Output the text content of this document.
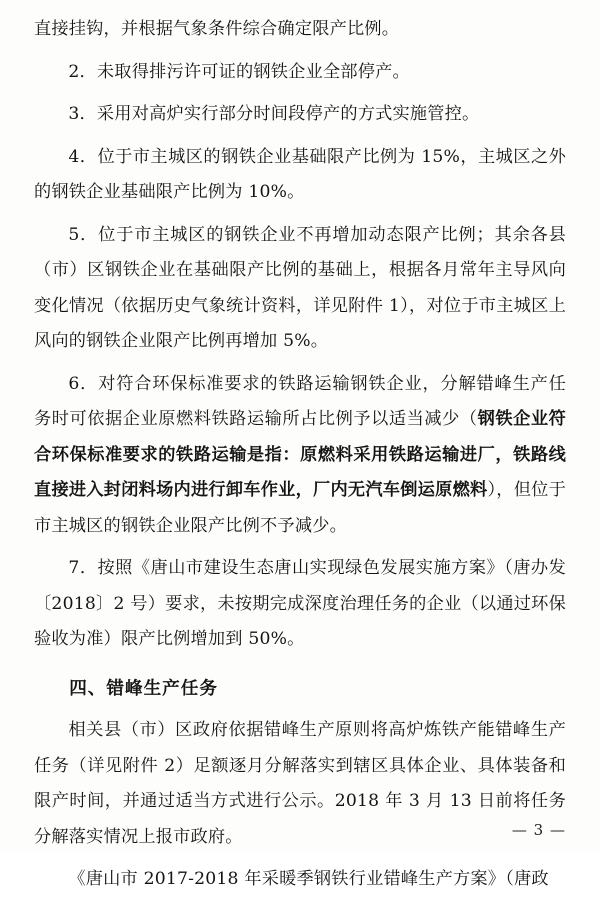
直接挂钩，并根据气象条件综合确定限产比例。

2．未取得排污许可证的钢铁企业全部停产。

3．采用对高炉实行部分时间段停产的方式实施管控。

4．位于市主城区的钢铁企业基础限产比例为 15%，主城区之外的钢铁企业基础限产比例为 10%。

5．位于市主城区的钢铁企业不再增加动态限产比例；其余各县（市）区钢铁企业在基础限产比例的基础上，根据各月常年主导风向变化情况（依据历史气象统计资料，详见附件 1），对位于市主城区上风向的钢铁企业限产比例再增加 5%。

6．对符合环保标准要求的铁路运输钢铁企业，分解错峰生产任务时可依据企业原燃料铁路运输所占比例予以适当减少（钢铁企业符合环保标准要求的铁路运输是指：原燃料采用铁路运输进厂，铁路线直接进入封闭料场内进行卸车作业，厂内无汽车倒运原燃料），但位于市主城区的钢铁企业限产比例不予减少。

7．按照《唐山市建设生态唐山实现绿色发展实施方案》（唐办发〔2018〕2 号）要求，未按期完成深度治理任务的企业（以通过环保验收为准）限产比例增加到 50%。

四、错峰生产任务

相关县（市）区政府依据错峰生产原则将高炉炼铁产能错峰生产任务（详见附件 2）足额逐月分解落实到辖区具体企业、具体装备和限产时间，并通过适当方式进行公示。2018 年 3 月 13 日前将任务分解落实情况上报市政府。

《唐山市 2017-2018 年采暖季钢铁行业错峰生产方案》（唐政

— 3 —
